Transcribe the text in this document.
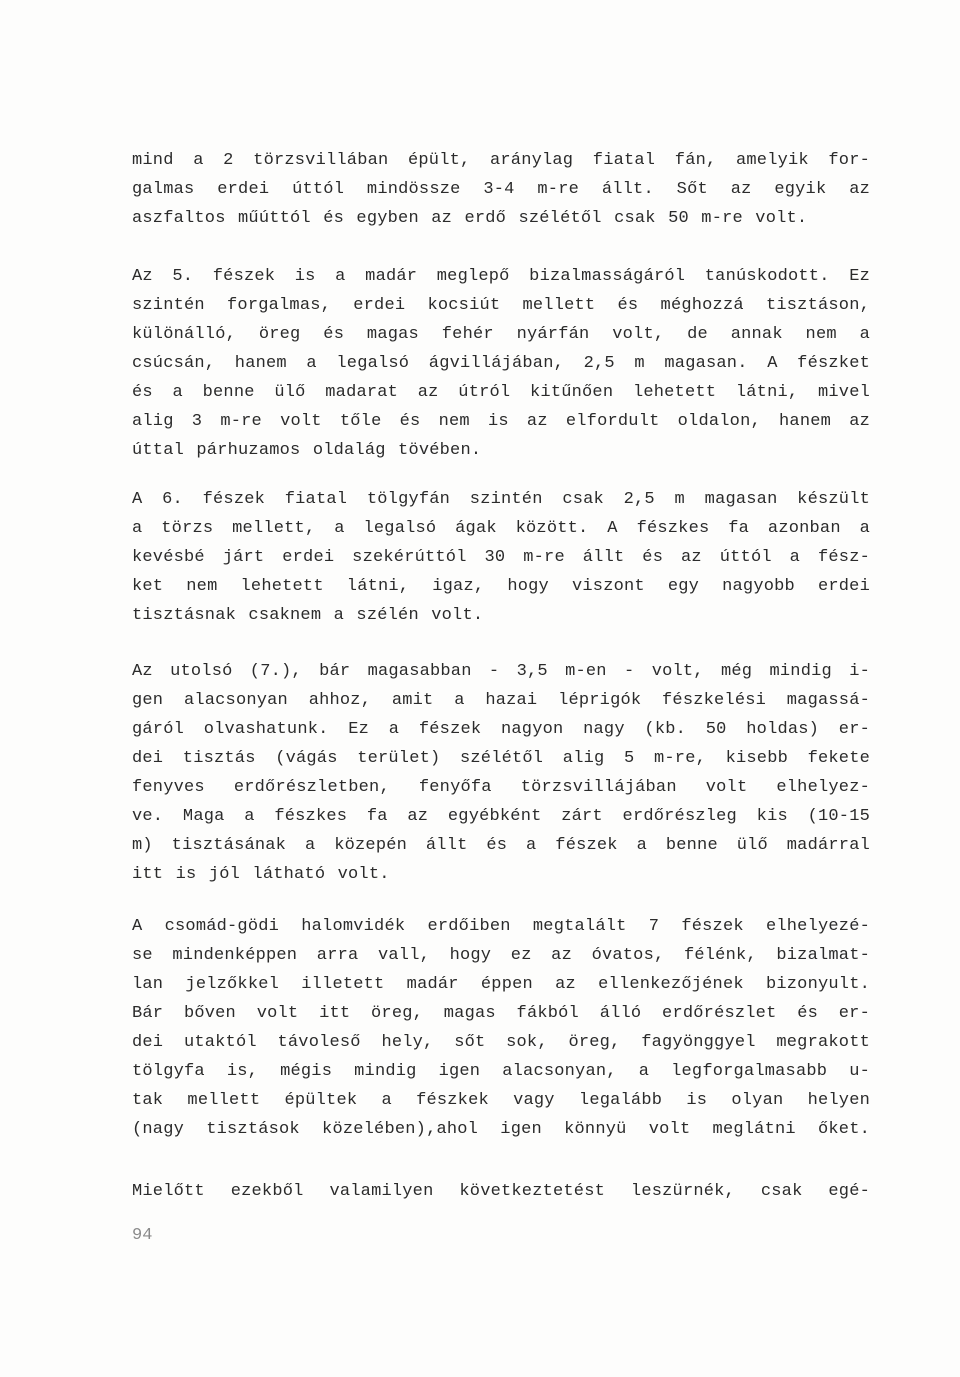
mind a 2 törzsvillában épült, aránylag fiatal fán, amelyik for-
galmas erdei úttól mindössze 3-4 m-re állt. Sőt az egyik az
aszfaltos műúttól és egyben az erdő szélétől csak 50 m-re volt.
Az 5. fészek is a madár meglepő bizalmasságáról tanúskodott. Ez
szintén forgalmas, erdei kocsiút mellett és méghozzá tisztáson,
különálló, öreg és magas fehér nyárfán volt, de annak nem a
csúcsán, hanem a legalsó ágvillájában, 2,5 m magasan. A fészket
és a benne ülő madarat az útról kitűnően lehetett látni, mivel
alig 3 m-re volt tőle és nem is az elfordult oldalon, hanem az
úttal párhuzamos oldalág tövében.
A 6. fészek fiatal tölgyfán szintén csak 2,5 m magasan készült
a törzs mellett, a legalsó ágak között. A fészkes fa azonban a
kevésbé járt erdei szekérúttól 30 m-re állt és az úttól a fész-
ket nem lehetett látni, igaz, hogy viszont egy nagyobb erdei
tisztásnak csaknem a szélén volt.
Az utolsó (7.), bár magasabban - 3,5 m-en - volt, még mindig i-
gen alacsonyan ahhoz, amit a hazai léprigók fészkelési magassá-
gáról olvashatunk. Ez a fészek nagyon nagy (kb. 50 holdas) er-
dei tisztás (vágás terület) szélétől alig 5 m-re, kisebb fekete
fenyves erdőrészletben, fenyőfa törzsvillájában volt elhelyez-
ve. Maga a fészkes fa az egyébként zárt erdőrészleg kis (10-15
m) tisztásának a közepén állt és a fészek a benne ülő madárral
itt is jól látható volt.
A csomád-gödi halomvidék erdőiben megtalált 7 fészek elhelyezé-
se mindenképpen arra vall, hogy ez az óvatos, félénk, bizalmat-
lan jelzőkkel illetett madár éppen az ellenkezőjének bizonyult.
Bár bőven volt itt öreg, magas fákból álló erdőrészlet és er-
dei utaktól távoleső hely, sőt sok, öreg, fagyönggyel megrakott
tölgyfa is, mégis mindig igen alacsonyan, a legforgalmasabb u-
tak mellett épültek a fészkek vagy legalább is olyan helyen
(nagy tisztások közelében),ahol igen könnyü volt meglátni őket.
Mielőtt ezekből valamilyen következtetést leszürnék, csak egé-
94
